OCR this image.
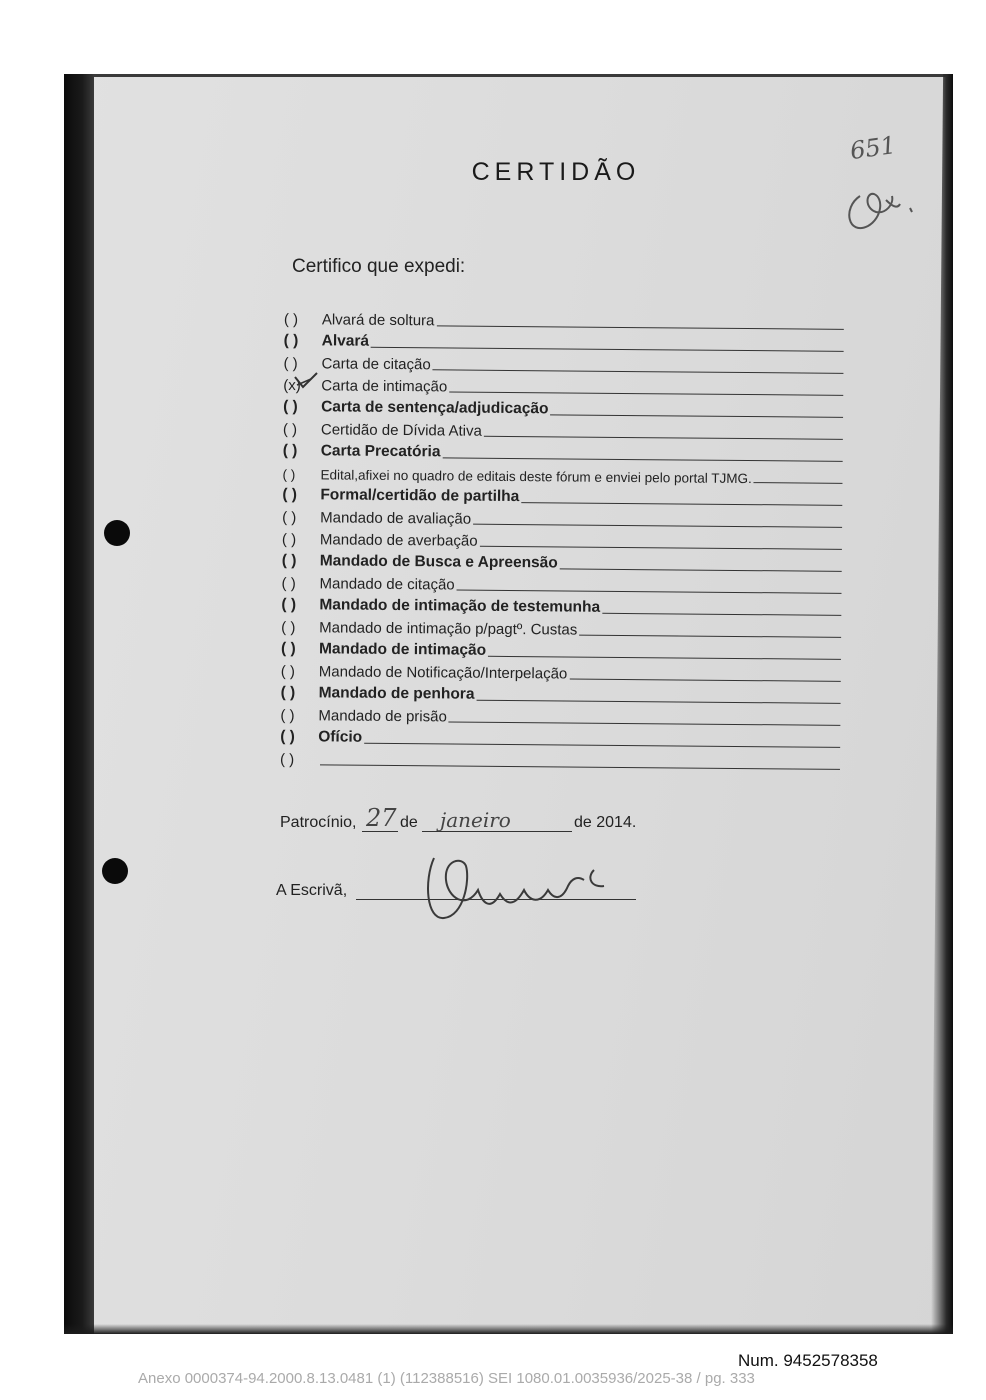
CERTIDÃO
651
Certifico que expedi:
( )	Alvará de soltura
( )	Alvará
( )	Carta de citação
(x)	Carta de intimação
( )	Carta de sentença/adjudicação
( )	Certidão de Dívida Ativa
( )	Carta Precatória
( )	Edital,afixei no quadro de editais deste fórum e enviei pelo portal TJMG.
( )	Formal/certidão de partilha
( )	Mandado de avaliação
( )	Mandado de averbação
( )	Mandado de Busca e Apreensão
( )	Mandado de citação
( )	Mandado de intimação de testemunha
( )	Mandado de intimação p/pagtº. Custas
( )	Mandado de intimação
( )	Mandado de Notificação/Interpelação
( )	Mandado de penhora
( )	Mandado de prisão
( )	Ofício
( )
Patrocínio, 27 de janeiro	de 2014.
A Escrivã,
Num. 9452578358
Anexo 0000374-94.2000.8.13.0481 (1) (112388516) SEI 1080.01.0035936/2025-38 / pg. 333
